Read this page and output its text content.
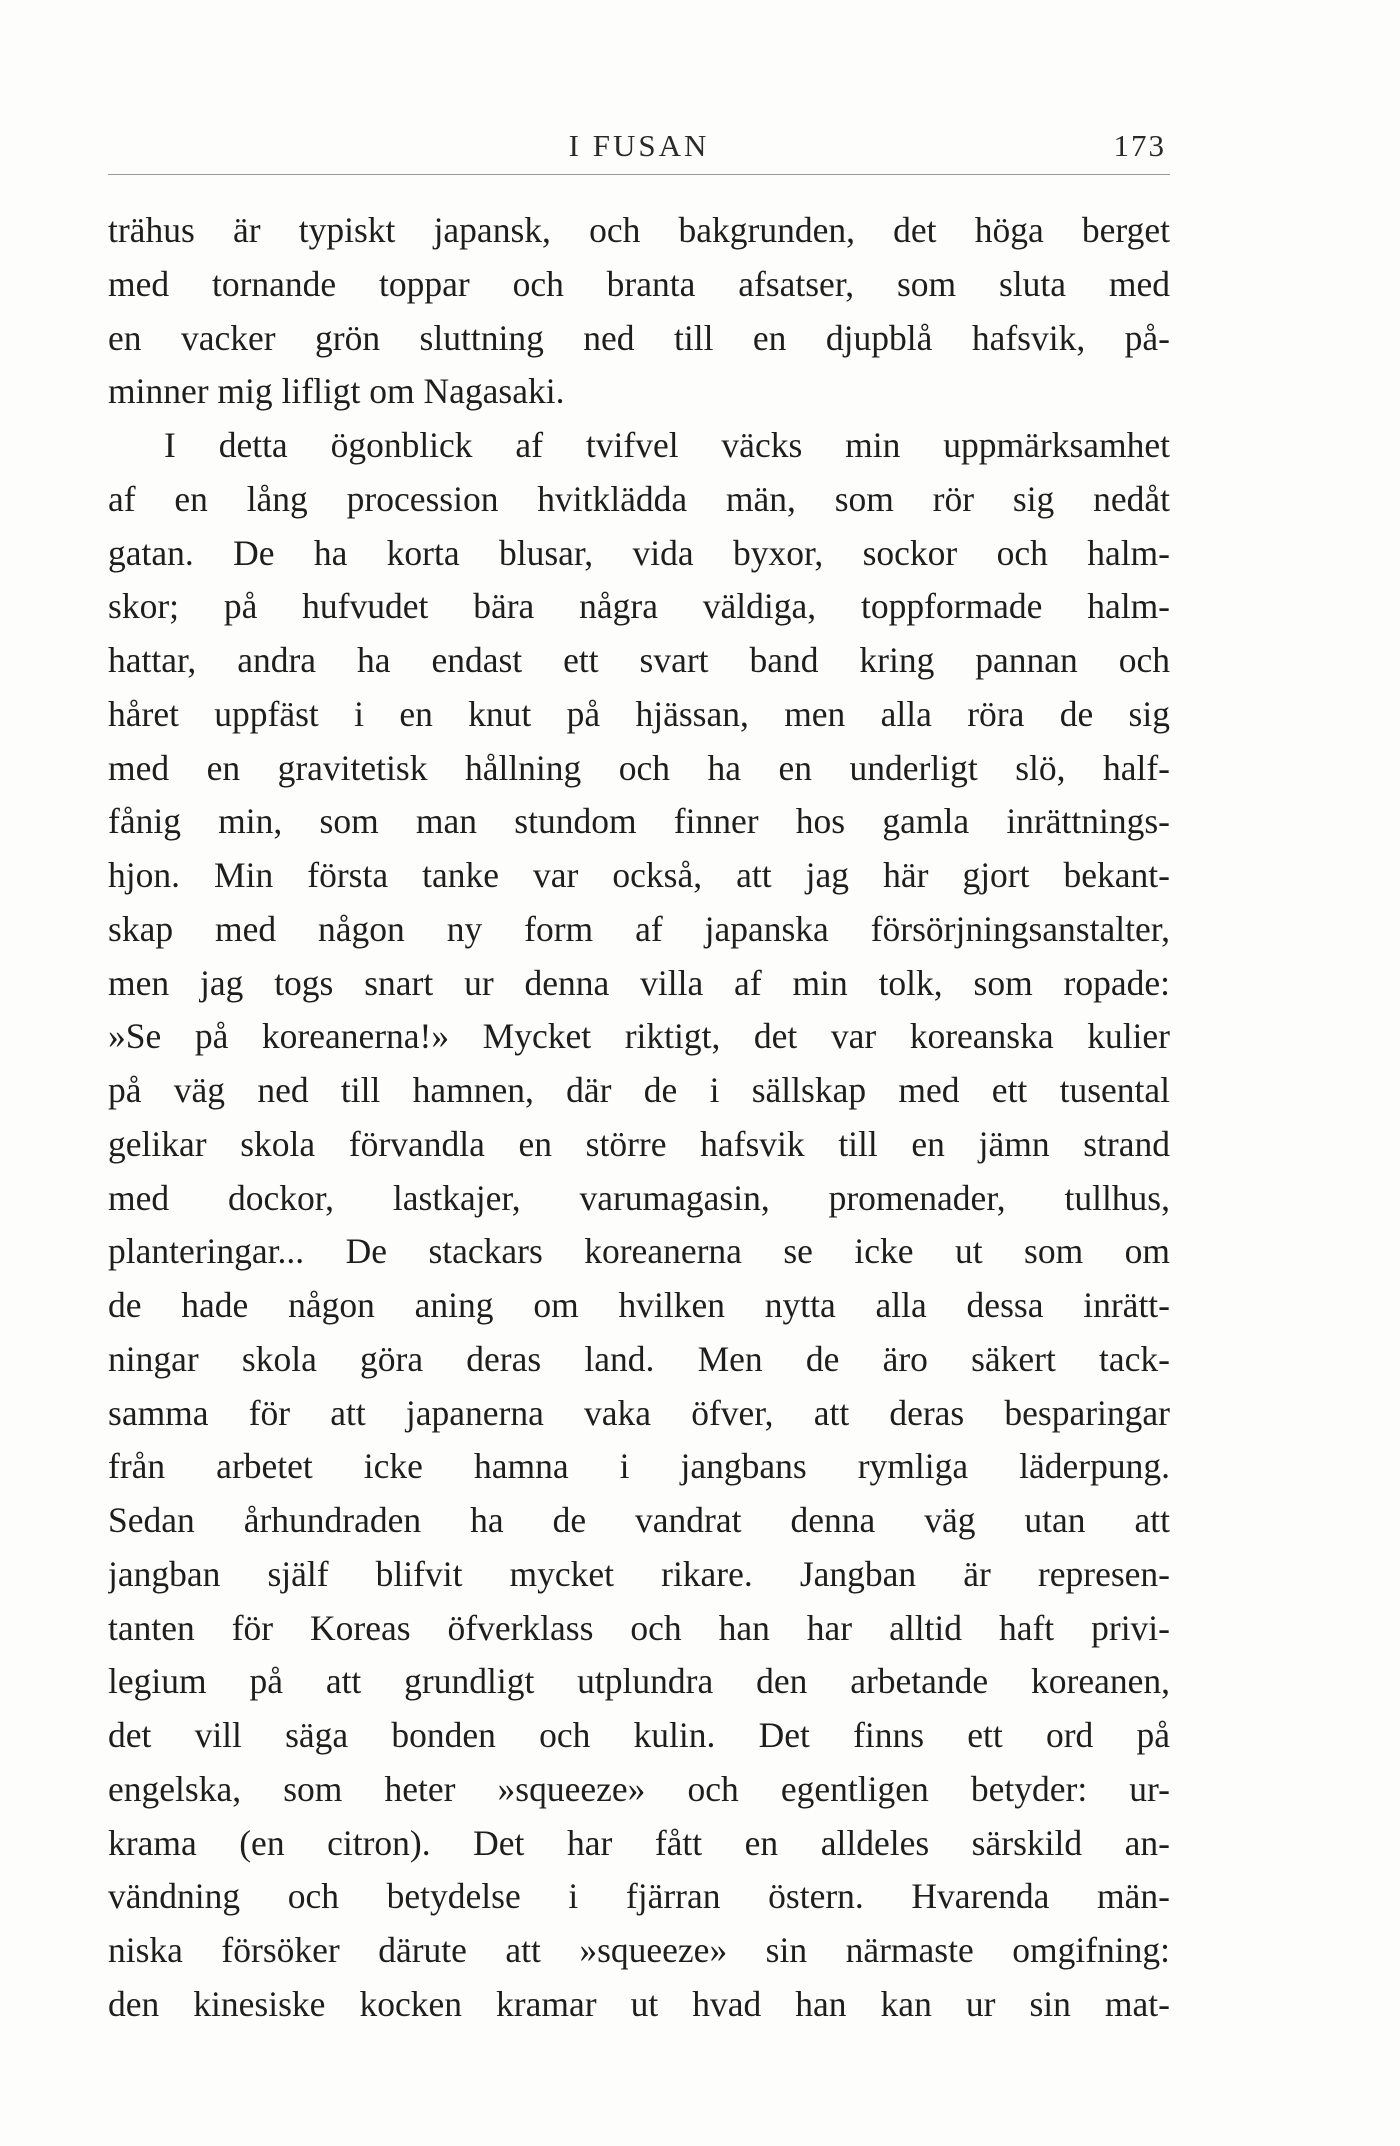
I FUSAN	173
trähus är typiskt japansk, och bakgrunden, det höga berget
med tornande toppar och branta afsatser, som sluta med
en vacker grön sluttning ned till en djupblå hafsvik, på-
minner mig lifligt om Nagasaki.
I detta ögonblick af tvifvel väcks min uppmärksamhet
af en lång procession hvitklädda män, som rör sig nedåt
gatan. De ha korta blusar, vida byxor, sockor och halm-
skor; på hufvudet bära några väldiga, toppformade halm-
hattar, andra ha endast ett svart band kring pannan och
håret uppfäst i en knut på hjässan, men alla röra de sig
med en gravitetisk hållning och ha en underligt slö, half-
fånig min, som man stundom finner hos gamla inrättnings-
hjon. Min första tanke var också, att jag här gjort bekant-
skap med någon ny form af japanska försörjningsanstalter,
men jag togs snart ur denna villa af min tolk, som ropade:
»Se på koreanerna!» Mycket riktigt, det var koreanska kulier
på väg ned till hamnen, där de i sällskap med ett tusental
gelikar skola förvandla en större hafsvik till en jämn strand
med dockor, lastkajer, varumagasin, promenader, tullhus,
planteringar... De stackars koreanerna se icke ut som om
de hade någon aning om hvilken nytta alla dessa inrätt-
ningar skola göra deras land. Men de äro säkert tack-
samma för att japanerna vaka öfver, att deras besparingar
från arbetet icke hamna i jangbans rymliga läderpung.
Sedan århundraden ha de vandrat denna väg utan att
jangban själf blifvit mycket rikare. Jangban är represen-
tanten för Koreas öfverklass och han har alltid haft privi-
legium på att grundligt utplundra den arbetande koreanen,
det vill säga bonden och kulin. Det finns ett ord på
engelska, som heter »squeeze» och egentligen betyder: ur-
krama (en citron). Det har fått en alldeles särskild an-
vändning och betydelse i fjärran östern. Hvarenda män-
niska försöker därute att »squeeze» sin närmaste omgifning:
den kinesiske kocken kramar ut hvad han kan ur sin mat-
